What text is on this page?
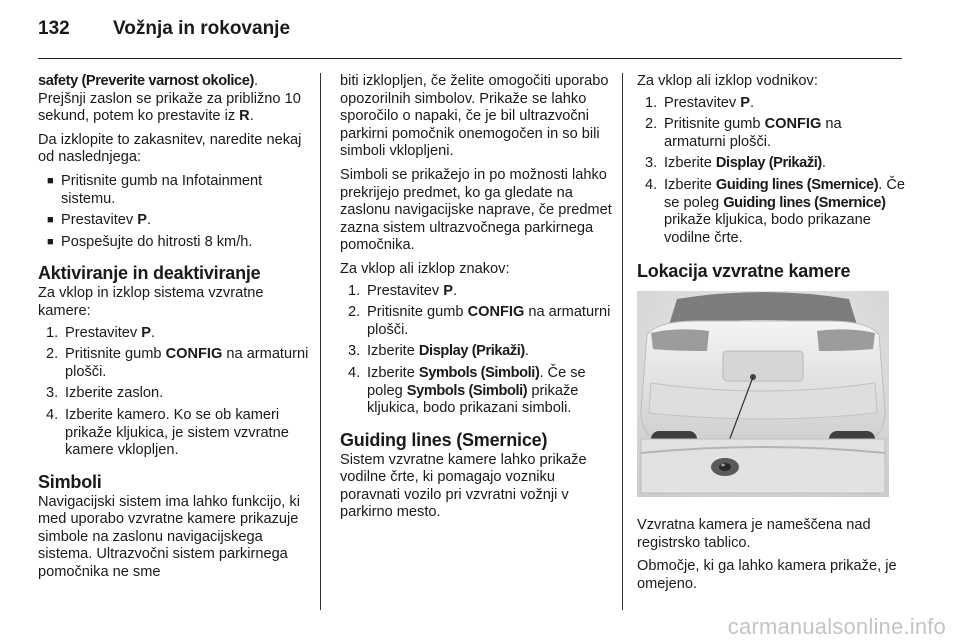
132 Vožnja in rokovanje

safety (Preverite varnost okolice).
Prejšnji zaslon se prikaže za približno 10 sekund, potem ko prestavite iz R.

Da izklopite to zakasnitev, naredite nekaj od naslednjega:

■ Pritisnite gumb na Infotainment sistemu.
■ Prestavitev P.
■ Pospešujte do hitrosti 8 km/h.
Aktiviranje in deaktiviranje

Za vklop in izklop sistema vzvratne kamere:

1. Prestavitev P.
2. Pritisnite gumb CONFIG na armaturni plošči.
3. Izberite zaslon.
4. Izberite kamero. Ko se ob kameri prikaže kljukica, je sistem vzvratne kamere vklopljen.
Simboli

Navigacijski sistem ima lahko funkcijo, ki med uporabo vzvratne kamere prikazuje simbole na zaslonu navigacijskega sistema. Ultrazvočni sistem parkirnega pomočnika ne sme

biti izklopljen, če želite omogočiti uporabo opozorilnih simbolov. Prikaže se lahko sporočilo o napaki, če je bil ultrazvočni parkirni pomočnik onemogočen in so bili simboli vklopljeni.

Simboli se prikažejo in po možnosti lahko prekrijejo predmet, ko ga gledate na zaslonu navigacijske naprave, če predmet zazna sistem ultrazvočnega parkirnega pomočnika.

Za vklop ali izklop znakov:

1. Prestavitev P.
2. Pritisnite gumb CONFIG na armaturni plošči.
3. Izberite Display (Prikaži).
4. Izberite Symbols (Simboli). Če se poleg Symbols (Simboli) prikaže kljukica, bodo prikazani simboli.
Guiding lines (Smernice)

Sistem vzvratne kamere lahko prikaže vodilne črte, ki pomagajo vozniku poravnati vozilo pri vzvratni vožnji v parkirno mesto.

Za vklop ali izklop vodnikov:

1. Prestavitev P.
2. Pritisnite gumb CONFIG na armaturni plošči.
3. Izberite Display (Prikaži).
4. Izberite Guiding lines (Smernice). Če se poleg Guiding lines (Smernice) prikaže kljukica, bodo prikazane vodilne črte.
Lokacija vzvratne kamere

Vzvratna kamera je nameščena nad registrsko tablico.

Območje, ki ga lahko kamera prikaže, je omejeno.

carmanualsonline.info
